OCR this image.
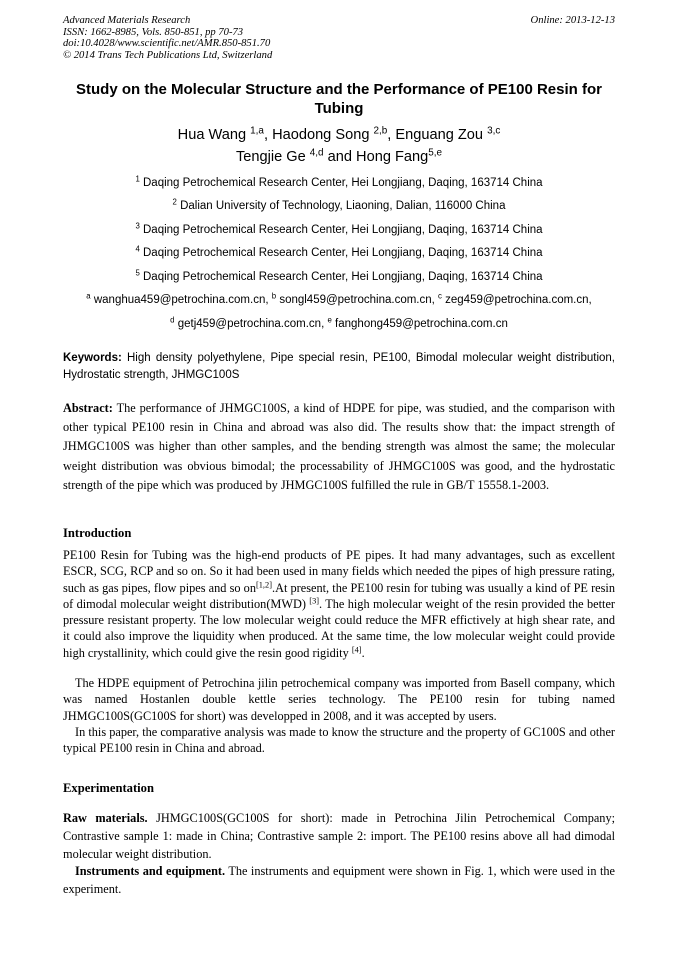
Advanced Materials Research
ISSN: 1662-8985, Vols. 850-851, pp 70-73
doi:10.4028/www.scientific.net/AMR.850-851.70
© 2014 Trans Tech Publications Ltd, Switzerland
Online: 2013-12-13
Study on the Molecular Structure and the Performance of PE100 Resin for Tubing
Hua Wang $^{1,a}$, Haodong Song $^{2,b}$, Enguang Zou $^{3,c}$
Tengjie Ge $^{4,d}$ and Hong Fang$^{5,e}$
$^1$ Daqing Petrochemical Research Center, Hei Longjiang, Daqing, 163714 China
$^2$ Dalian University of Technology, Liaoning, Dalian, 116000 China
$^3$ Daqing Petrochemical Research Center, Hei Longjiang, Daqing, 163714 China
$^4$ Daqing Petrochemical Research Center, Hei Longjiang, Daqing, 163714 China
$^5$ Daqing Petrochemical Research Center, Hei Longjiang, Daqing, 163714 China
$^a$ wanghua459@petrochina.com.cn, $^b$ songl459@petrochina.com.cn, $^c$ zeg459@petrochina.com.cn,
$^d$ getj459@petrochina.com.cn, $^e$ fanghong459@petrochina.com.cn
Keywords: High density polyethylene, Pipe special resin, PE100, Bimodal molecular weight distribution, Hydrostatic strength, JHMGC100S
Abstract: The performance of JHMGC100S, a kind of HDPE for pipe, was studied, and the comparison with other typical PE100 resin in China and abroad was also did. The results show that: the impact strength of JHMGC100S was higher than other samples, and the bending strength was almost the same; the molecular weight distribution was obvious bimodal; the processability of JHMGC100S was good, and the hydrostatic strength of the pipe which was produced by JHMGC100S fulfilled the rule in GB/T 15558.1-2003.
Introduction
PE100 Resin for Tubing was the high-end products of PE pipes. It had many advantages, such as excellent ESCR, SCG, RCP and so on. So it had been used in many fields which needed the pipes of high pressure rating, such as gas pipes, flow pipes and so on[1,2].At present, the PE100 resin for tubing was usually a kind of PE resin of dimodal molecular weight distribution(MWD) [3]. The high molecular weight of the resin provided the better pressure resistant property. The low molecular weight could reduce the MFR effictively at high shear rate, and it could also improve the liquidity when produced. At the same time, the low molecular weight could provide high crystallinity, which could give the resin good rigidity [4].
The HDPE equipment of Petrochina jilin petrochemical company was imported from Basell company, which was named Hostanlen double kettle series technology. The PE100 resin for tubing named JHMGC100S(GC100S for short) was developped in 2008, and it was accepted by users.
In this paper, the comparative analysis was made to know the structure and the property of GC100S and other typical PE100 resin in China and abroad.
Experimentation
Raw materials. JHMGC100S(GC100S for short): made in Petrochina Jilin Petrochemical Company; Contrastive sample 1: made in China; Contrastive sample 2: import. The PE100 resins above all had dimodal molecular weight distribution.
Instruments and equipment. The instruments and equipment were shown in Fig. 1, which were used in the experiment.
